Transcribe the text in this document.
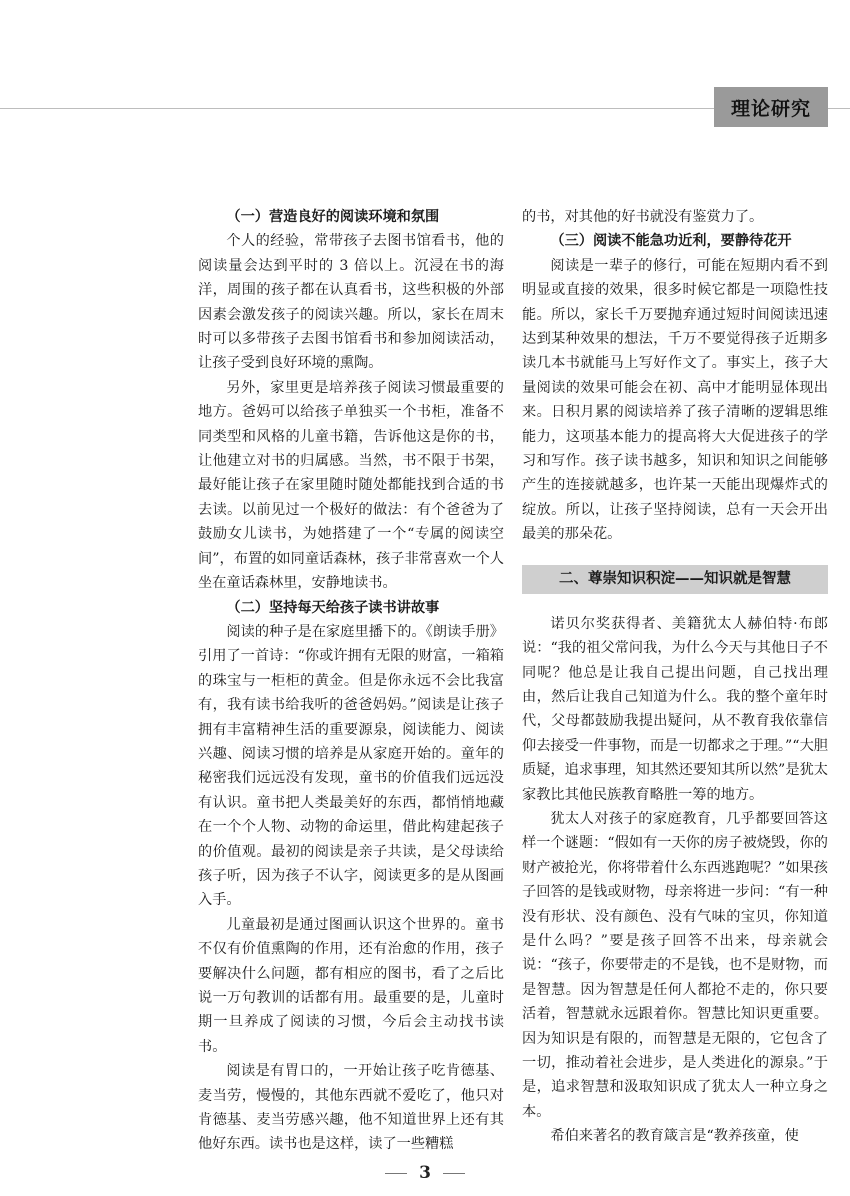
理论研究
（一）营造良好的阅读环境和氛围

个人的经验，常带孩子去图书馆看书，他的阅读量会达到平时的 3 倍以上。沉浸在书的海洋，周围的孩子都在认真看书，这些积极的外部因素会激发孩子的阅读兴趣。所以，家长在周末时可以多带孩子去图书馆看书和参加阅读活动，让孩子受到良好环境的熏陶。

另外，家里更是培养孩子阅读习惯最重要的地方。爸妈可以给孩子单独买一个书柜，准备不同类型和风格的儿童书籍，告诉他这是你的书，让他建立对书的归属感。当然，书不限于书架，最好能让孩子在家里随时随处都能找到合适的书去读。以前见过一个极好的做法：有个爸爸为了鼓励女儿读书，为她搭建了一个“专属的阅读空间”，布置的如同童话森林，孩子非常喜欢一个人坐在童话森林里，安静地读书。

（二）坚持每天给孩子读书讲故事

阅读的种子是在家庭里播下的。《朗读手册》引用了一首诗：“你或许拥有无限的财富，一箱箱的珠宝与一柜柜的黄金。但是你永远不会比我富有，我有读书给我听的爸爸妈妈。”阅读是让孩子拥有丰富精神生活的重要源泉，阅读能力、阅读兴趣、阅读习惯的培养是从家庭开始的。童年的秘密我们远远没有发现，童书的价值我们远远没有认识。童书把人类最美好的东西，都悄悄地藏在一个个人物、动物的命运里，借此构建起孩子的价值观。最初的阅读是亲子共读，是父母读给孩子听，因为孩子不认字，阅读更多的是从图画入手。

儿童最初是通过图画认识这个世界的。童书不仅有价值熏陶的作用，还有治愈的作用，孩子要解决什么问题，都有相应的图书，看了之后比说一万句教训的话都有用。最重要的是，儿童时期一旦养成了阅读的习惯，今后会主动找书读书。

阅读是有胃口的，一开始让孩子吃肯德基、麦当劳，慢慢的，其他东西就不爱吃了，他只对肯德基、麦当劳感兴趣，他不知道世界上还有其他好东西。读书也是这样，读了一些糟糕

的书，对其他的好书就没有鉴赏力了。

（三）阅读不能急功近利，要静待花开

阅读是一辈子的修行，可能在短期内看不到明显或直接的效果，很多时候它都是一项隐性技能。所以，家长千万要抛弃通过短时间阅读迅速达到某种效果的想法，千万不要觉得孩子近期多读几本书就能马上写好作文了。事实上，孩子大量阅读的效果可能会在初、高中才能明显体现出来。日积月累的阅读培养了孩子清晰的逻辑思维能力，这项基本能力的提高将大大促进孩子的学习和写作。孩子读书越多，知识和知识之间能够产生的连接就越多，也许某一天能出现爆炸式的绽放。所以，让孩子坚持阅读，总有一天会开出最美的那朵花。

二、尊崇知识积淀——知识就是智慧

诺贝尔奖获得者、美籍犹太人赫伯特·布郎说：“我的祖父常问我，为什么今天与其他日子不同呢？他总是让我自己提出问题，自己找出理由，然后让我自己知道为什么。我的整个童年时代，父母都鼓励我提出疑问，从不教育我依靠信仰去接受一件事物，而是一切都求之于理。”“大胆质疑，追求事理，知其然还要知其所以然”是犹太家教比其他民族教育略胜一筹的地方。

犹太人对孩子的家庭教育，几乎都要回答这样一个谜题：“假如有一天你的房子被烧毁，你的财产被抢光，你将带着什么东西逃跑呢？”如果孩子回答的是钱或财物，母亲将进一步问：“有一种没有形状、没有颜色、没有气味的宝贝，你知道是什么吗？”要是孩子回答不出来，母亲就会说：“孩子，你要带走的不是钱，也不是财物，而是智慧。因为智慧是任何人都抢不走的，你只要活着，智慧就永远跟着你。智慧比知识更重要。因为知识是有限的，而智慧是无限的，它包含了一切，推动着社会进步，是人类进化的源泉。”于是，追求智慧和汲取知识成了犹太人一种立身之本。

希伯来著名的教育箴言是“教养孩童，使

3
